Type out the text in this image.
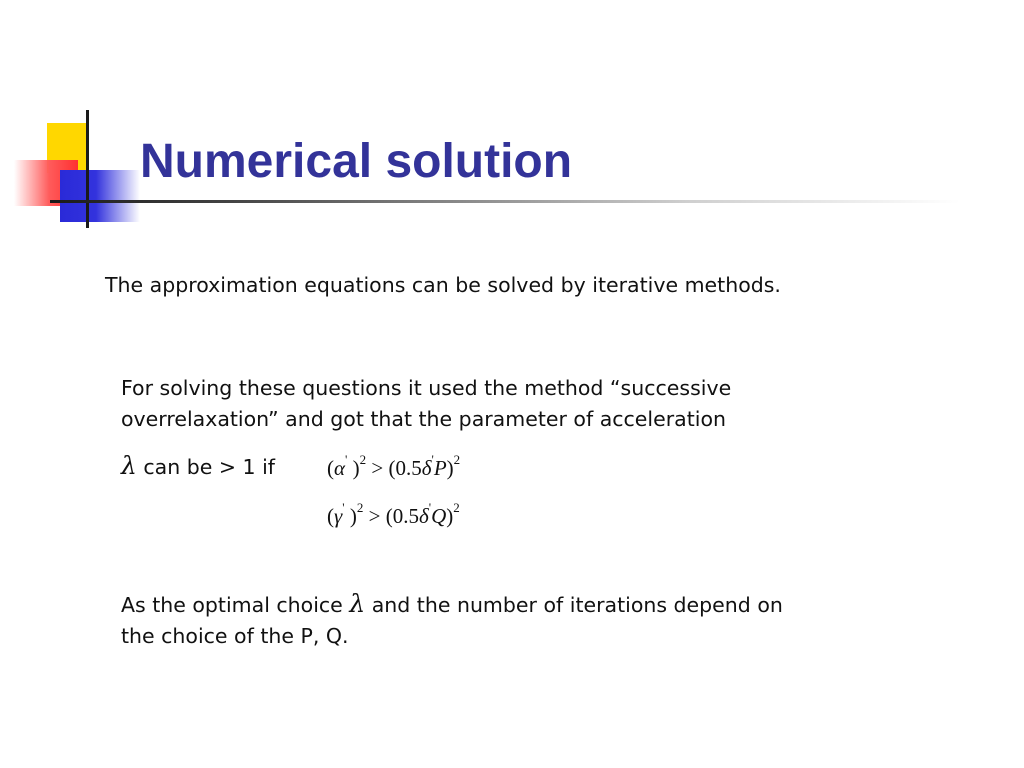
Numerical solution

The approximation equations can be solved by iterative methods.

For solving these questions it used the method “successive
overrelaxation” and got that the parameter of acceleration

λ can be > 1 if (α' )$^2 > (0.5\delta'P)^2$
(γ' )$^2 > (0.5\delta'Q)^2$

As the optimal choice λ and the number of iterations depend on
the choice of the P, Q.
